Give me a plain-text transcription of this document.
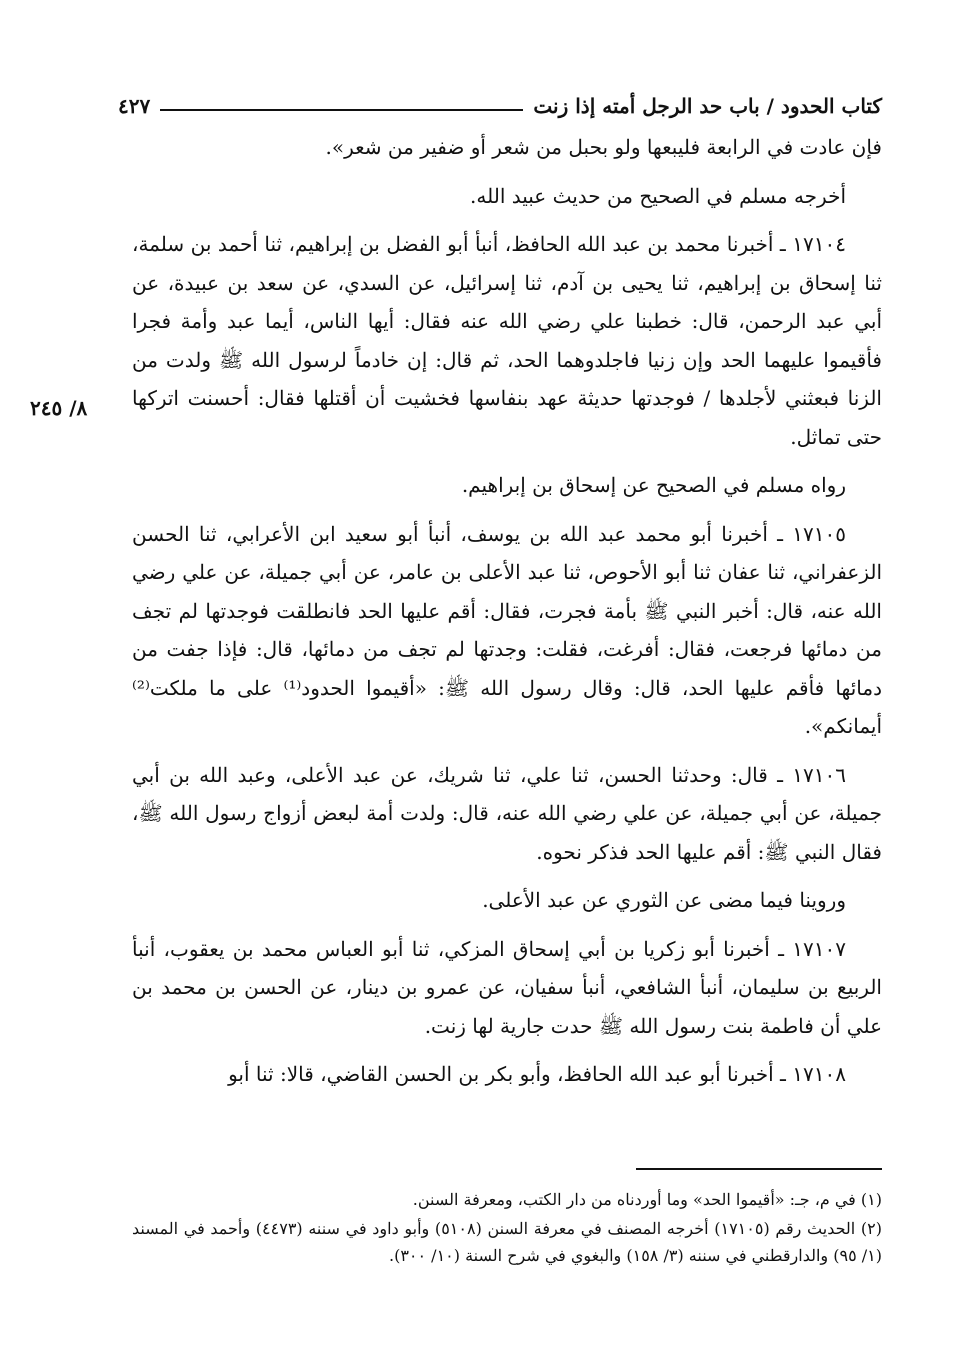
كتاب الحدود / باب حد الرجل أمته إذا زنت
٤٢٧
٨/ ٢٤٥

فإن عادت في الرابعة فليبعها ولو بحبل من شعر أو ضفير من شعر».

أخرجه مسلم في الصحيح من حديث عبيد الله.

١٧١٠٤ ـ أخبرنا محمد بن عبد الله الحافظ، أنبأ أبو الفضل بن إبراهيم، ثنا أحمد بن سلمة، ثنا إسحاق بن إبراهيم، ثنا يحيى بن آدم، ثنا إسرائيل، عن السدي، عن سعد بن عبيدة، عن أبي عبد الرحمن، قال: خطبنا علي رضي الله عنه فقال: أيها الناس، أيما عبد وأمة فجرا فأقيموا عليهما الحد وإن زنيا فاجلدوهما الحد، ثم قال: إن خادماً لرسول الله ﷺ ولدت من الزنا فبعثني لأجلدها / فوجدتها حديثة عهد بنفاسها فخشيت أن أقتلها فقال: أحسنت اتركها حتى تماثل.

رواه مسلم في الصحيح عن إسحاق بن إبراهيم.

١٧١٠٥ ـ أخبرنا أبو محمد عبد الله بن يوسف، أنبأ أبو سعيد ابن الأعرابي، ثنا الحسن الزعفراني، ثنا عفان ثنا أبو الأحوص، ثنا عبد الأعلى بن عامر، عن أبي جميلة، عن علي رضي الله عنه، قال: أخبر النبي ﷺ بأمة فجرت، فقال: أقم عليها الحد فانطلقت فوجدتها لم تجف من دمائها فرجعت، فقال: أفرغت، فقلت: وجدتها لم تجف من دمائها، قال: فإذا جفت من دمائها فأقم عليها الحد، قال: وقال رسول الله ﷺ: «أقيموا الحدود⁽¹⁾ على ما ملكت⁽²⁾ أيمانكم».

١٧١٠٦ ـ قال: وحدثنا الحسن، ثنا علي، ثنا شريك، عن عبد الأعلى، وعبد الله بن أبي جميلة، عن أبي جميلة، عن علي رضي الله عنه، قال: ولدت أمة لبعض أزواج رسول الله ﷺ، فقال النبي ﷺ: أقم عليها الحد فذكر نحوه.

وروينا فيما مضى عن الثوري عن عبد الأعلى.

١٧١٠٧ ـ أخبرنا أبو زكريا بن أبي إسحاق المزكي، ثنا أبو العباس محمد بن يعقوب، أنبأ الربيع بن سليمان، أنبأ الشافعي، أنبأ سفيان، عن عمرو بن دينار، عن الحسن بن محمد بن علي أن فاطمة بنت رسول الله ﷺ حدت جارية لها زنت.

١٧١٠٨ ـ أخبرنا أبو عبد الله الحافظ، وأبو بكر بن الحسن القاضي، قالا: ثنا أبو

(١) في م، جـ: «أقيموا الحد» وما أوردناه من دار الكتب، ومعرفة السنن.

(٢) الحديث رقم (١٧١٠٥) أخرجه المصنف في معرفة السنن (٥١٠٨) وأبو داود في سننه (٤٤٧٣) وأحمد في المسند (١/ ٩٥) والدارقطني في سننه (٣/ ١٥٨) والبغوي في شرح السنة (١٠/ ٣٠٠).
